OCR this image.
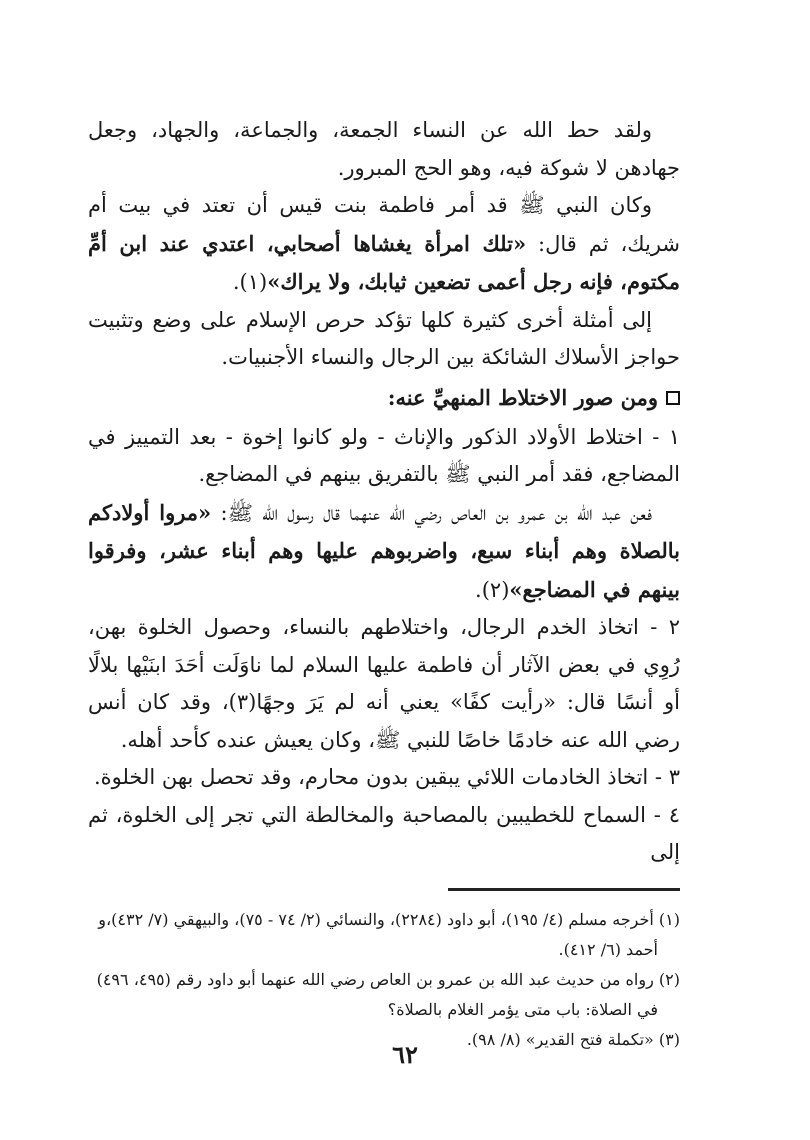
ولقد حط الله عن النساء الجمعة، والجماعة، والجهاد، وجعل جهادهن لا شوكة فيه، وهو الحج المبرور.

وكان النبي ﷺ قد أمر فاطمة بنت قيس أن تعتد في بيت أم شريك، ثم قال: «تلك امرأة يغشاها أصحابي، اعتدي عند ابن أمِّ مكتوم، فإنه رجل أعمى تضعين ثيابك، ولا يراك»(١).

إلى أمثلة أخرى كثيرة كلها تؤكد حرص الإسلام على وضع وتثبيت حواجز الأسلاك الشائكة بين الرجال والنساء الأجنبيات.

ومن صور الاختلاط المنهيِّ عنه:

١ - اختلاط الأولاد الذكور والإناث - ولو كانوا إخوة - بعد التمييز في المضاجع، فقد أمر النبي ﷺ بالتفريق بينهم في المضاجع.

فعن عبد الله بن عمرو بن العاص رضي الله عنهما قال رسول الله ﷺ: «مروا أولادكم بالصلاة وهم أبناء سبع، واضربوهم عليها وهم أبناء عشر، وفرقوا بينهم في المضاجع»(٢).

٢ - اتخاذ الخدم الرجال، واختلاطهم بالنساء، وحصول الخلوة بهن، رُوِي في بعض الآثار أن فاطمة عليها السلام لما ناوَلَت أحَدَ ابنَيْها بلالًا أو أنسًا قال: «رأيت كفًا» يعني أنه لم يَرَ وجهًا(٣)، وقد كان أنس رضي الله عنه خادمًا خاصًا للنبي ﷺ، وكان يعيش عنده كأحد أهله.

٣ - اتخاذ الخادمات اللائي يبقين بدون محارم، وقد تحصل بهن الخلوة.

٤ - السماح للخطيبين بالمصاحبة والمخالطة التي تجر إلى الخلوة، ثم إلى

(١) أخرجه مسلم (٤/ ١٩٥)، أبو داود (٢٢٨٤)، والنسائي (٢/ ٧٤ - ٧٥)، والبيهقي (٧/ ٤٣٢)،و أحمد (٦/ ٤١٢).

(٢) رواه من حديث عبد الله بن عمرو بن العاص رضي الله عنهما أبو داود رقم (٤٩٥، ٤٩٦) في الصلاة: باب متى يؤمر الغلام بالصلاة؟

(٣) «تكملة فتح القدير» (٨/ ٩٨).

٦٢
